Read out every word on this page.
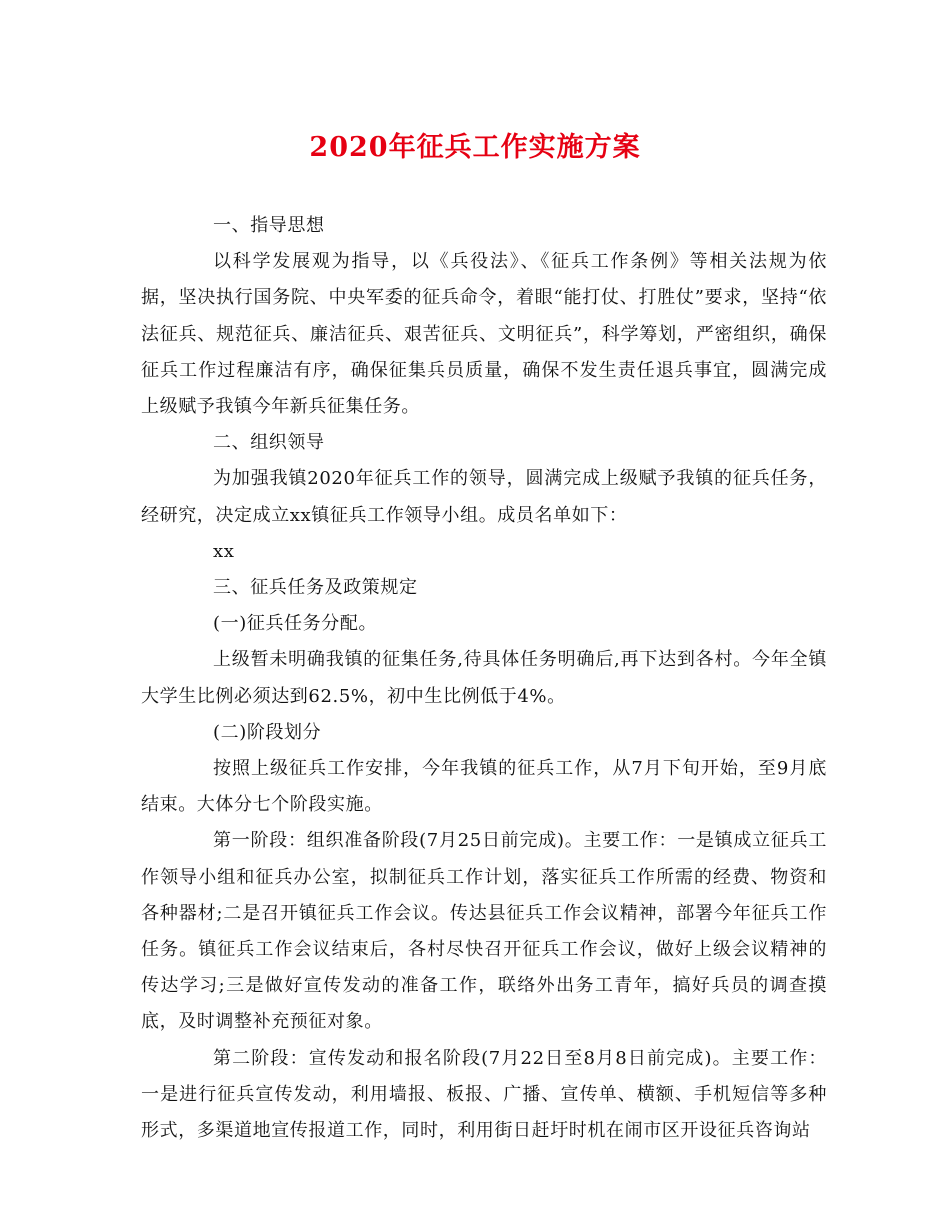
2020年征兵工作实施方案

一、指导思想

以科学发展观为指导，以《兵役法》、《征兵工作条例》等相关法规为依据，坚决执行国务院、中央军委的征兵命令，着眼“能打仗、打胜仗”要求，坚持“依法征兵、规范征兵、廉洁征兵、艰苦征兵、文明征兵”，科学筹划，严密组织，确保征兵工作过程廉洁有序，确保征集兵员质量，确保不发生责任退兵事宜，圆满完成上级赋予我镇今年新兵征集任务。

二、组织领导

为加强我镇2020年征兵工作的领导，圆满完成上级赋予我镇的征兵任务，经研究，决定成立xx镇征兵工作领导小组。成员名单如下：

xx

三、征兵任务及政策规定

(一)征兵任务分配。

上级暂未明确我镇的征集任务,待具体任务明确后,再下达到各村。今年全镇大学生比例必须达到62.5%，初中生比例低于4%。

(二)阶段划分

按照上级征兵工作安排，今年我镇的征兵工作，从7月下旬开始，至9月底结束。大体分七个阶段实施。

第一阶段：组织准备阶段(7月25日前完成)。主要工作：一是镇成立征兵工作领导小组和征兵办公室，拟制征兵工作计划，落实征兵工作所需的经费、物资和各种器材;二是召开镇征兵工作会议。传达县征兵工作会议精神，部署今年征兵工作任务。镇征兵工作会议结束后，各村尽快召开征兵工作会议，做好上级会议精神的传达学习;三是做好宣传发动的准备工作，联络外出务工青年，搞好兵员的调查摸底，及时调整补充预征对象。

第二阶段：宣传发动和报名阶段(7月22日至8月8日前完成)。主要工作：一是进行征兵宣传发动，利用墙报、板报、广播、宣传单、横额、手机短信等多种形式，多渠道地宣传报道工作，同时，利用街日赶圩时机在闹市区开设征兵咨询站
